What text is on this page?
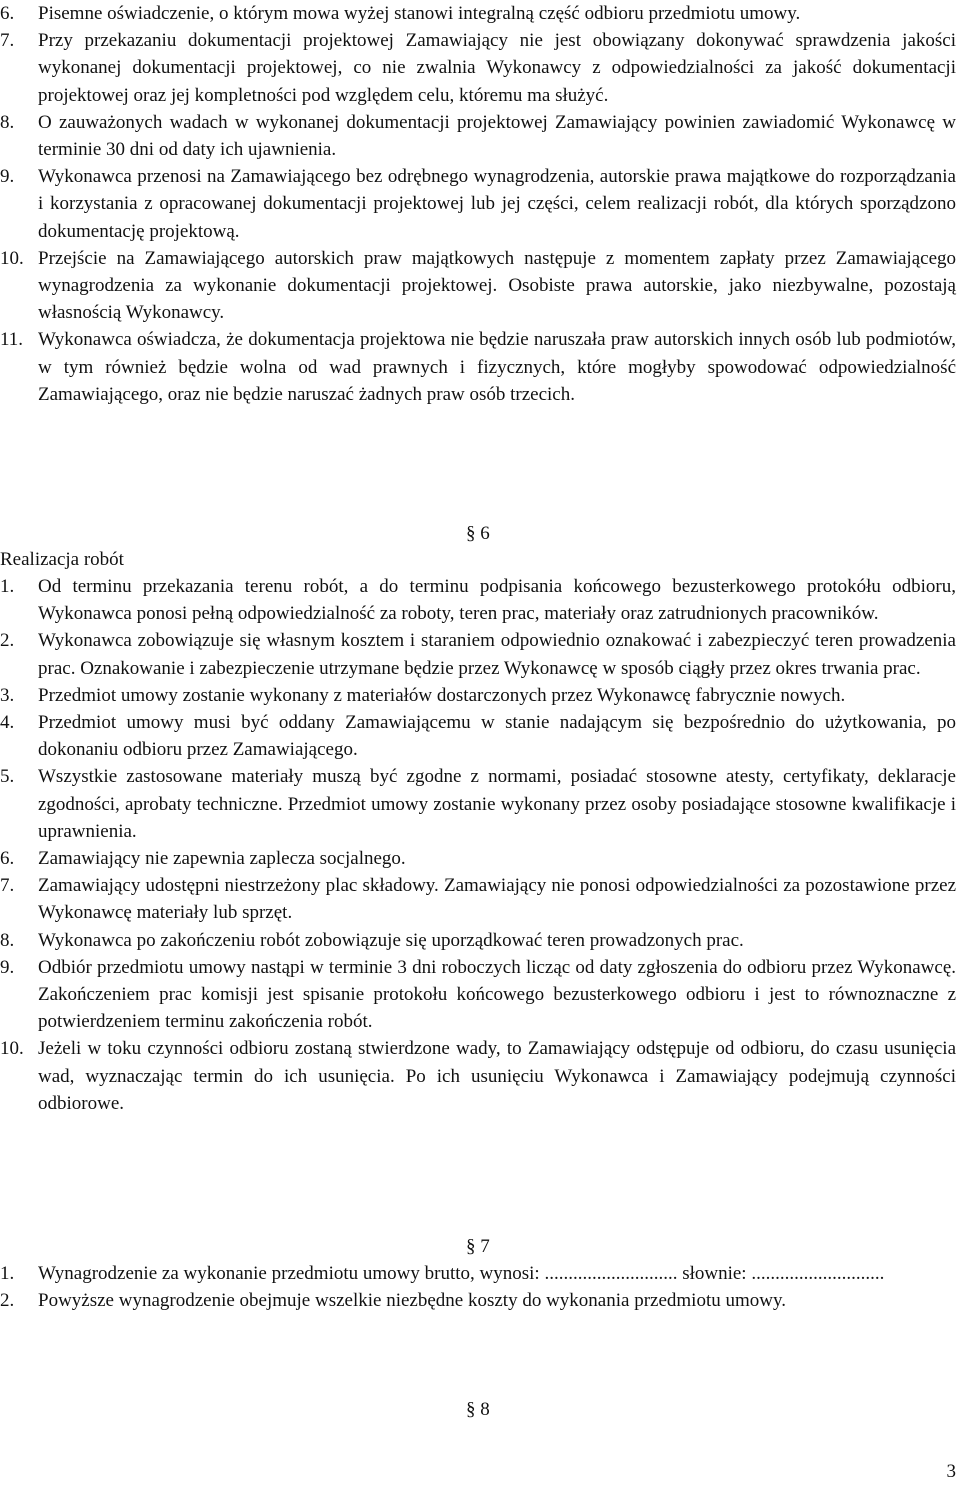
6. Pisemne oświadczenie, o którym mowa wyżej stanowi integralną część odbioru przedmiotu umowy.
7. Przy przekazaniu dokumentacji projektowej Zamawiający nie jest obowiązany dokonywać sprawdzenia jakości wykonanej dokumentacji projektowej, co nie zwalnia Wykonawcy z odpowiedzialności za jakość dokumentacji projektowej oraz jej kompletności pod względem celu, któremu ma służyć.
8. O zauważonych wadach w wykonanej dokumentacji projektowej Zamawiający powinien zawiadomić Wykonawcę w terminie 30 dni od daty ich ujawnienia.
9. Wykonawca przenosi na Zamawiającego bez odrębnego wynagrodzenia, autorskie prawa majątkowe do rozporządzania i korzystania z opracowanej dokumentacji projektowej lub jej części, celem realizacji robót, dla których sporządzono dokumentację projektową.
10. Przejście na Zamawiającego autorskich praw majątkowych następuje z momentem zapłaty przez Zamawiającego wynagrodzenia za wykonanie dokumentacji projektowej. Osobiste prawa autorskie, jako niezbywalne, pozostają własnością Wykonawcy.
11. Wykonawca oświadcza, że dokumentacja projektowa nie będzie naruszała praw autorskich innych osób lub podmiotów, w tym również będzie wolna od wad prawnych i fizycznych, które mogłyby spowodować odpowiedzialność Zamawiającego, oraz nie będzie naruszać żadnych praw osób trzecich.
§ 6
Realizacja robót
1. Od terminu przekazania terenu robót, a do terminu podpisania końcowego bezusterkowego protokółu odbioru, Wykonawca ponosi pełną odpowiedzialność za roboty, teren prac, materiały oraz zatrudnionych pracowników.
2. Wykonawca zobowiązuje się własnym kosztem i staraniem odpowiednio oznakować i zabezpieczyć teren prowadzenia prac. Oznakowanie i zabezpieczenie utrzymane będzie przez Wykonawcę w sposób ciągły przez okres trwania prac.
3. Przedmiot umowy zostanie wykonany z materiałów dostarczonych przez Wykonawcę fabrycznie nowych.
4. Przedmiot umowy musi być oddany Zamawiającemu w stanie nadającym się bezpośrednio do użytkowania, po dokonaniu odbioru przez Zamawiającego.
5. Wszystkie zastosowane materiały muszą być zgodne z normami, posiadać stosowne atesty, certyfikaty, deklaracje zgodności, aprobaty techniczne. Przedmiot umowy zostanie wykonany przez osoby posiadające stosowne kwalifikacje i uprawnienia.
6. Zamawiający nie zapewnia zaplecza socjalnego.
7. Zamawiający udostępni niestrzeżony plac składowy. Zamawiający nie ponosi odpowiedzialności za pozostawione przez Wykonawcę materiały lub sprzęt.
8. Wykonawca po zakończeniu robót zobowiązuje się uporządkować teren prowadzonych prac.
9. Odbiór przedmiotu umowy nastąpi w terminie 3 dni roboczych licząc od daty zgłoszenia do odbioru przez Wykonawcę. Zakończeniem prac komisji jest spisanie protokołu końcowego bezusterkowego odbioru i jest to równoznaczne z potwierdzeniem terminu zakończenia robót.
10. Jeżeli w toku czynności odbioru zostaną stwierdzone wady, to Zamawiający odstępuje od odbioru, do czasu usunięcia wad, wyznaczając termin do ich usunięcia. Po ich usunięciu Wykonawca i Zamawiający podejmują czynności odbiorowe.
§ 7
1. Wynagrodzenie za wykonanie przedmiotu umowy brutto, wynosi: ............................ słownie: ............................
2. Powyższe wynagrodzenie obejmuje wszelkie niezbędne koszty do wykonania przedmiotu umowy.
§ 8
3
